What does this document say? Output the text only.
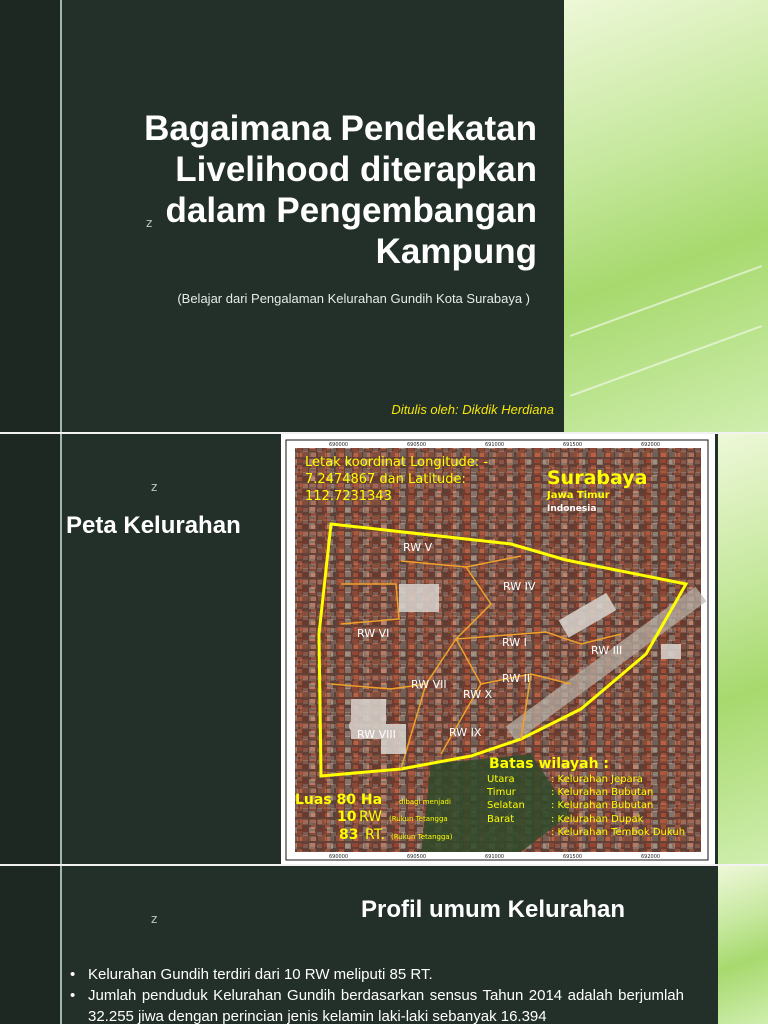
z
Bagaimana Pendekatan Livelihood diterapkan dalam Pengembangan Kampung
(Belajar dari Pengalaman Kelurahan Gundih Kota Surabaya )
Ditulis oleh: Dikdik Herdiana
z
Peta Kelurahan
690000	690500	691000	691500	692000
690000	690500	691000	691500	692000
Letak koordinat Longitude: -
7.2474867 dan Latitude:
112.7231343
Surabaya
Jawa Timur
Indonesia
RW V
RW IV
RW VI
RW I
RW III
RW VII	RW II
RW X
RW IX
RW VIII
Batas wilayah :
Utara	: Kelurahan Jepara
Timur	: Kelurahan Bubutan
Selatan	: Kelurahan Bubutan
Barat	: Kelurahan Dupak
: Kelurahan Tembok Dukuh
Luas 80 Ha dibagi menjadi
10 RW (Rukun Tetangga
83 RT. (Rukun Tetangga)
z	Profil umum Kelurahan
• Kelurahan Gundih terdiri dari 10 RW meliputi 85 RT.
• Jumlah penduduk Kelurahan Gundih berdasarkan sensus Tahun 2014 adalah berjumlah 32.255 jiwa dengan perincian jenis kelamin laki-laki sebanyak 16.394
